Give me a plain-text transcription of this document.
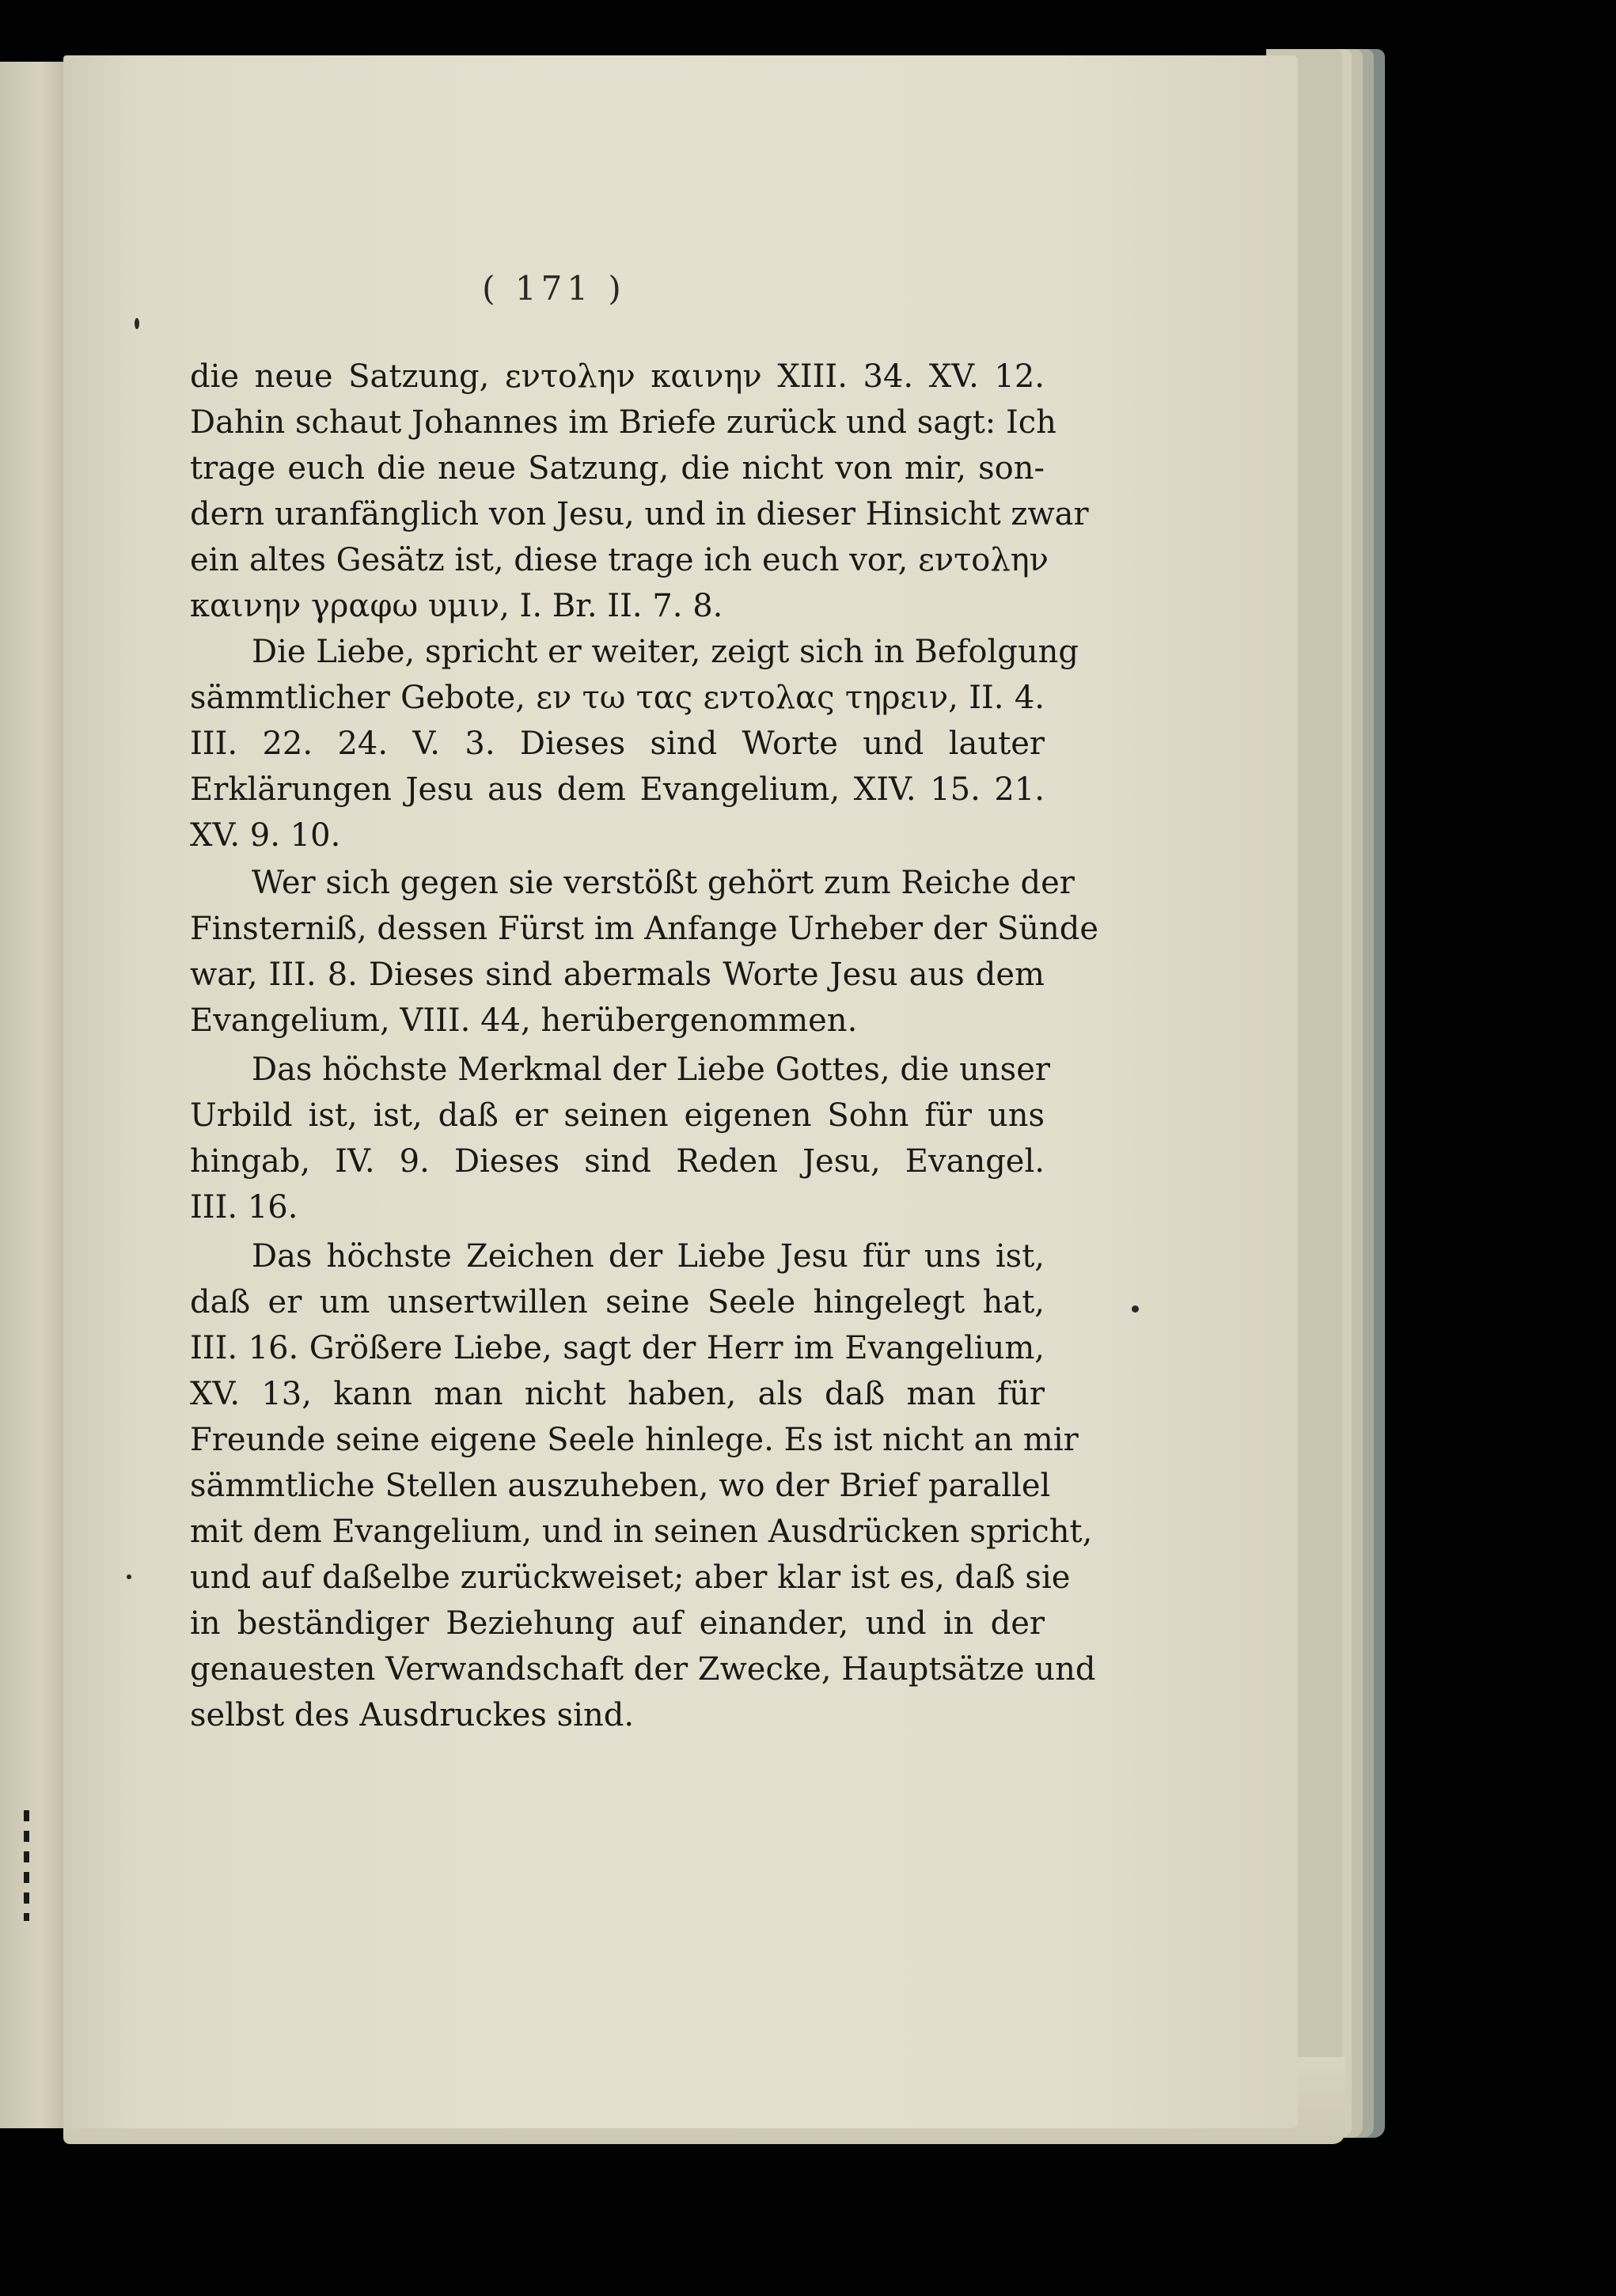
( 171 )
die neue Satzung, εντολην καινην XIII. 34. XV. 12.
Dahin schaut Johannes im Briefe zurück und sagt: Ich
trage euch die neue Satzung, die nicht von mir, son-
dern uranfänglich von Jesu, und in dieser Hinsicht zwar
ein altes Gesätz ist, diese trage ich euch vor, εντολην
καινην γραφω υμιν, I. Br. II. 7. 8.
Die Liebe, spricht er weiter, zeigt sich in Befolgung
sämmtlicher Gebote, εν τω τας εντολας τηρειν, II. 4.
III. 22. 24. V. 3. Dieses sind Worte und lauter
Erklärungen Jesu aus dem Evangelium, XIV. 15. 21.
XV. 9. 10.
Wer sich gegen sie verstößt gehört zum Reiche der
Finsterniß, dessen Fürst im Anfange Urheber der Sünde
war, III. 8. Dieses sind abermals Worte Jesu aus dem
Evangelium, VIII. 44, herübergenommen.
Das höchste Merkmal der Liebe Gottes, die unser
Urbild ist, ist, daß er seinen eigenen Sohn für uns
hingab, IV. 9. Dieses sind Reden Jesu, Evangel.
III. 16.
Das höchste Zeichen der Liebe Jesu für uns ist,
daß er um unsertwillen seine Seele hingelegt hat,
III. 16. Größere Liebe, sagt der Herr im Evangelium,
XV. 13, kann man nicht haben, als daß man für
Freunde seine eigene Seele hinlege. Es ist nicht an mir
sämmtliche Stellen auszuheben, wo der Brief parallel
mit dem Evangelium, und in seinen Ausdrücken spricht,
und auf daßelbe zurückweiset; aber klar ist es, daß sie
in beständiger Beziehung auf einander, und in der
genauesten Verwandschaft der Zwecke, Hauptsätze und
selbst des Ausdruckes sind.
